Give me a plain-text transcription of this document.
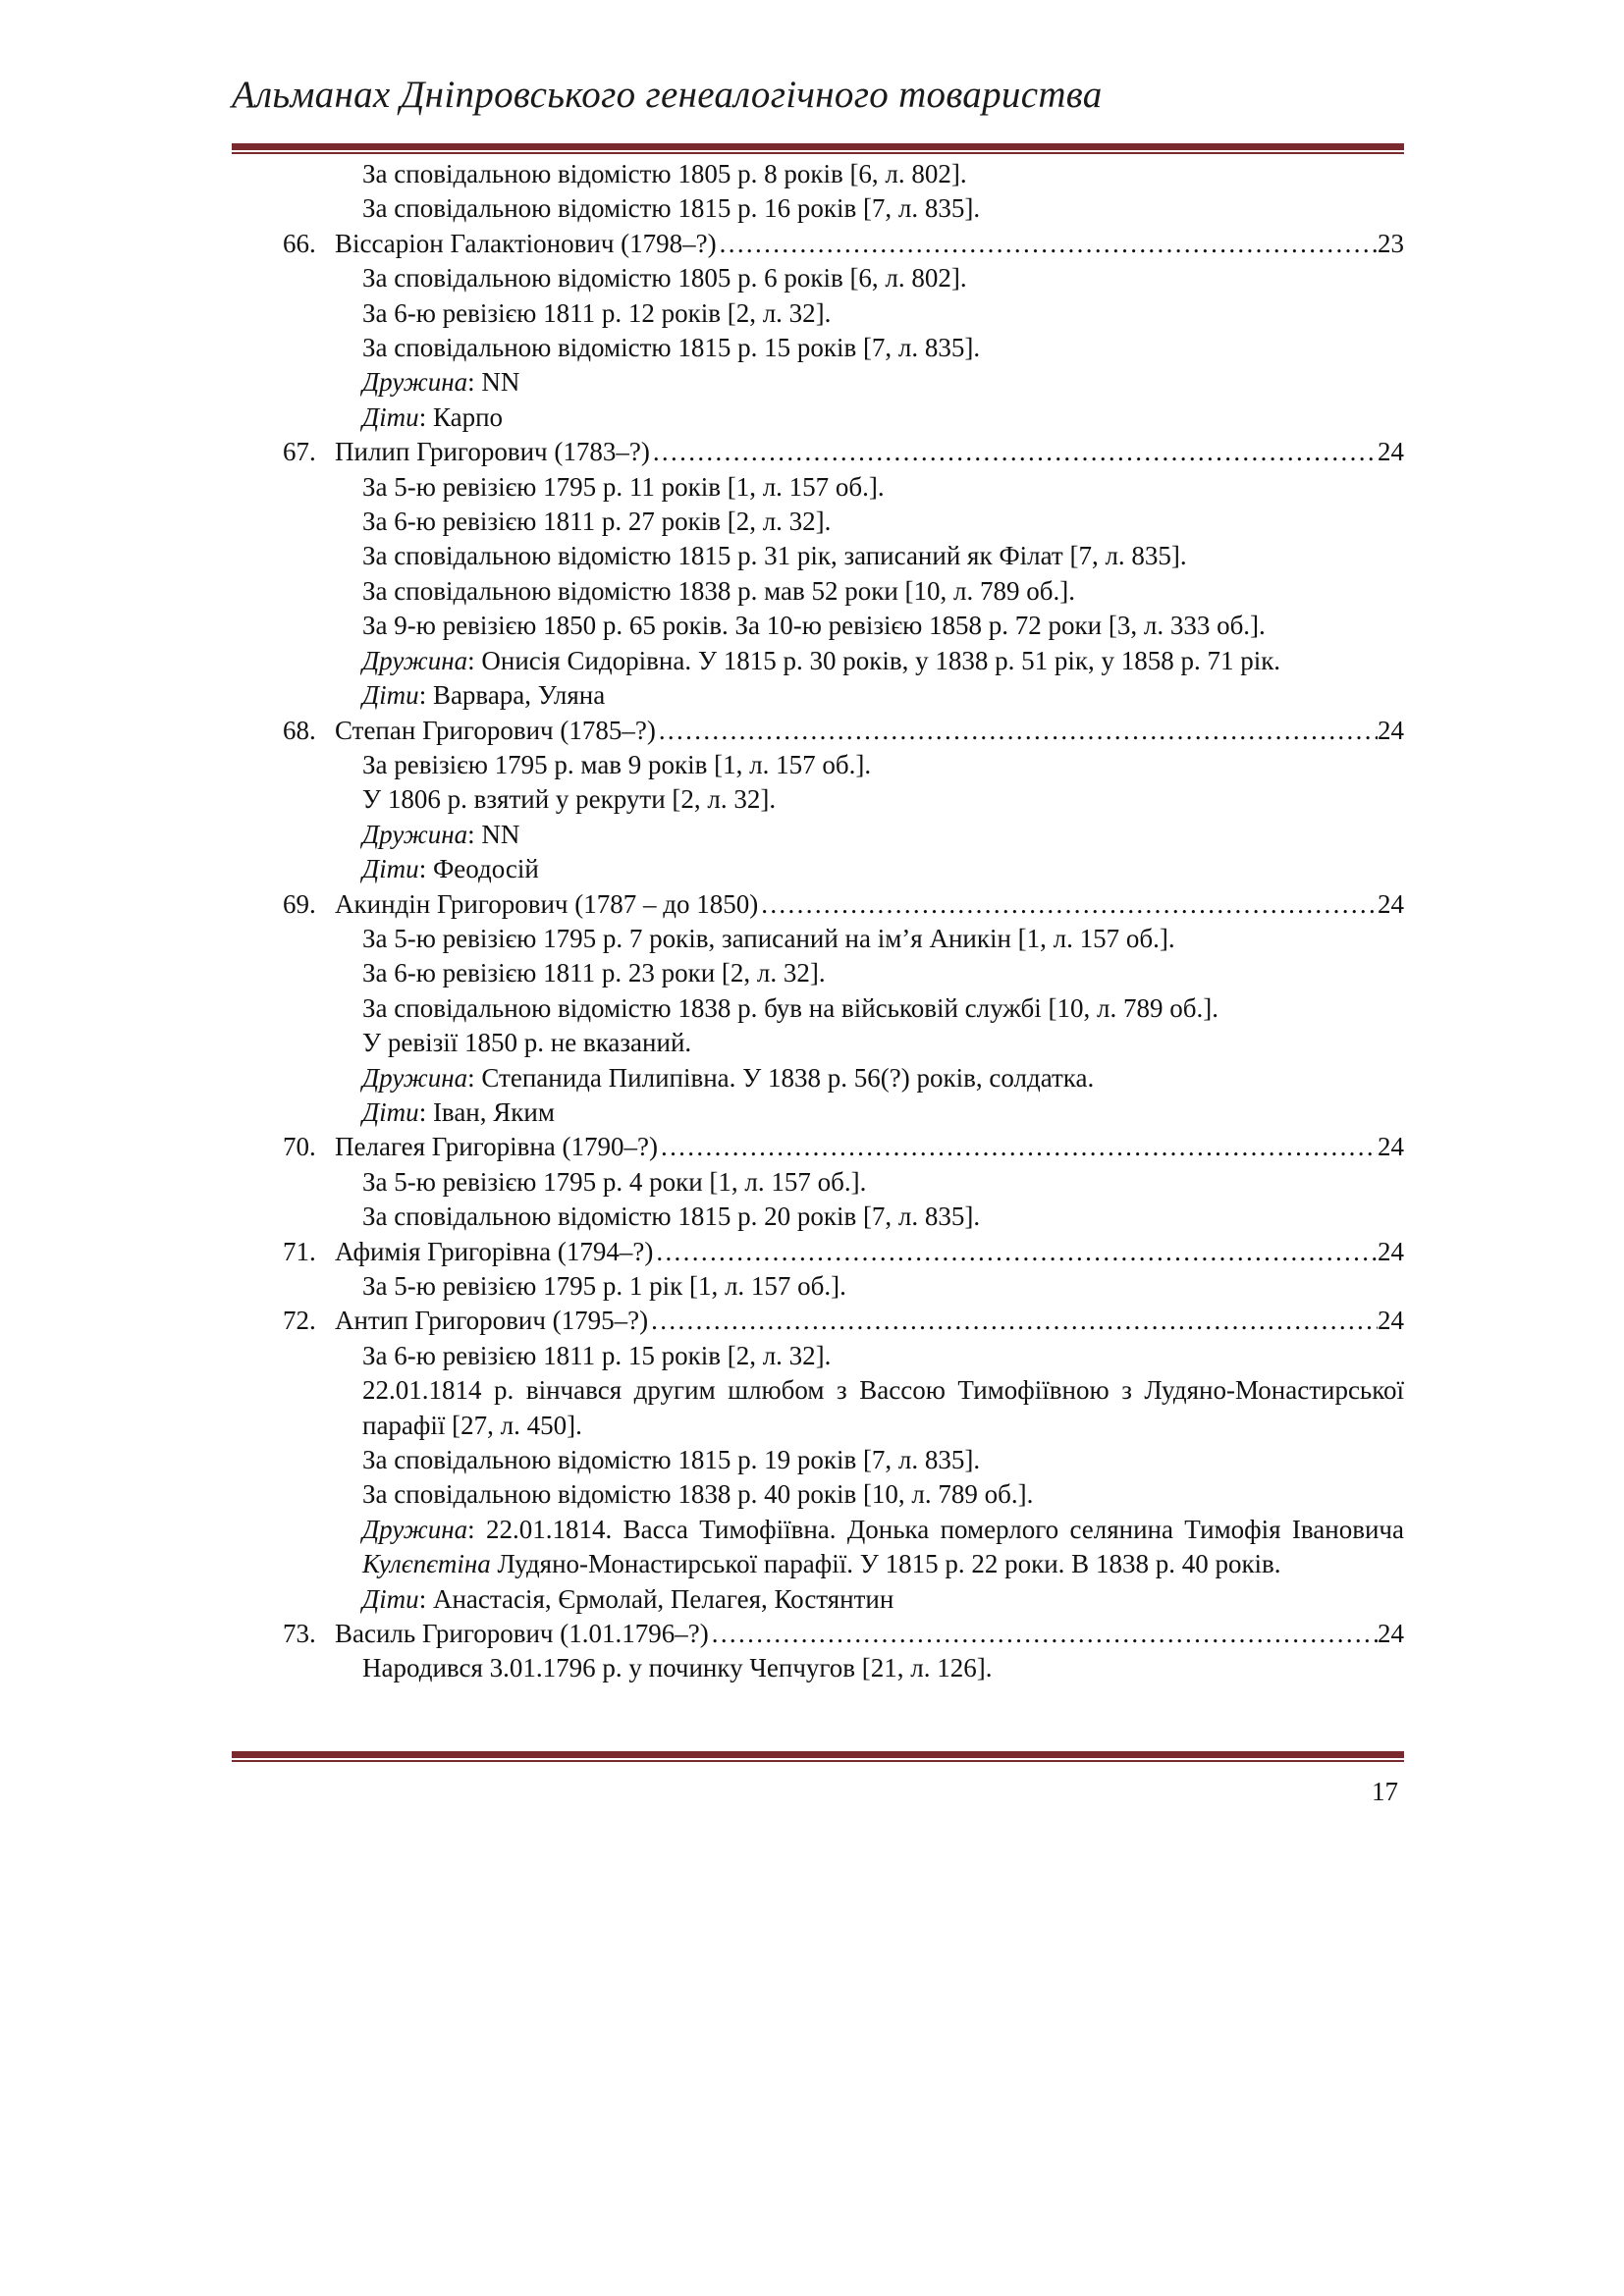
Альманах Дніпровського генеалогічного товариства
За сповідальною відомістю 1805 р. 8 років [6, л. 802].
За сповідальною відомістю 1815 р. 16 років [7, л. 835].
66. Віссаріон Галактіонович (1798–?) . . .	23
За сповідальною відомістю 1805 р. 6 років [6, л. 802].
За 6-ю ревізією 1811 р. 12 років [2, л. 32].
За сповідальною відомістю 1815 р. 15 років [7, л. 835].
Дружина: NN
Діти: Карпо
67. Пилип Григорович (1783–?) . . .	24
За 5-ю ревізією 1795 р. 11 років [1, л. 157 об.].
За 6-ю ревізією 1811 р. 27 років [2, л. 32].
За сповідальною відомістю 1815 р. 31 рік, записаний як Філат [7, л. 835].
За сповідальною відомістю 1838 р. мав 52 роки [10, л. 789 об.].
За 9-ю ревізією 1850 р. 65 років. За 10-ю ревізією 1858 р. 72 роки [3, л. 333 об.].
Дружина: Онисія Сидорівна. У 1815 р. 30 років, у 1838 р. 51 рік, у 1858 р. 71 рік.
Діти: Варвара, Уляна
68. Степан Григорович (1785–?) . . .	24
За ревізією 1795 р. мав 9 років [1, л. 157 об.].
У 1806 р. взятий у рекрути [2, л. 32].
Дружина: NN
Діти: Феодосій
69. Акиндін Григорович (1787 – до 1850) . . .	24
За 5-ю ревізією 1795 р. 7 років, записаний на ім’я Аникін [1, л. 157 об.].
За 6-ю ревізією 1811 р. 23 роки [2, л. 32].
За сповідальною відомістю 1838 р. був на військовій службі [10, л. 789 об.].
У ревізії 1850 р. не вказаний.
Дружина: Степанида Пилипівна. У 1838 р. 56(?) років, солдатка.
Діти: Іван, Яким
70. Пелагея Григорівна (1790–?) . . .	24
За 5-ю ревізією 1795 р. 4 роки [1, л. 157 об.].
За сповідальною відомістю 1815 р. 20 років [7, л. 835].
71. Афимія Григорівна (1794–?) . . .	24
За 5-ю ревізією 1795 р. 1 рік [1, л. 157 об.].
72. Антип Григорович (1795–?) . . .	24
За 6-ю ревізією 1811 р. 15 років [2, л. 32].
22.01.1814 р. вінчався другим шлюбом з Вассою Тимофіївною з Лудяно-Монастирської парафії [27, л. 450].
За сповідальною відомістю 1815 р. 19 років [7, л. 835].
За сповідальною відомістю 1838 р. 40 років [10, л. 789 об.].
Дружина: 22.01.1814. Васса Тимофіївна. Донька померлого селянина Тимофія Івановича Кулєпєтіна Лудяно-Монастирської парафії. У 1815 р. 22 роки. В 1838 р. 40 років.
Діти: Анастасія, Єрмолай, Пелагея, Костянтин
73. Василь Григорович (1.01.1796–?) . . .	24
Народився 3.01.1796 р. у починку Чепчугов [21, л. 126].
17
